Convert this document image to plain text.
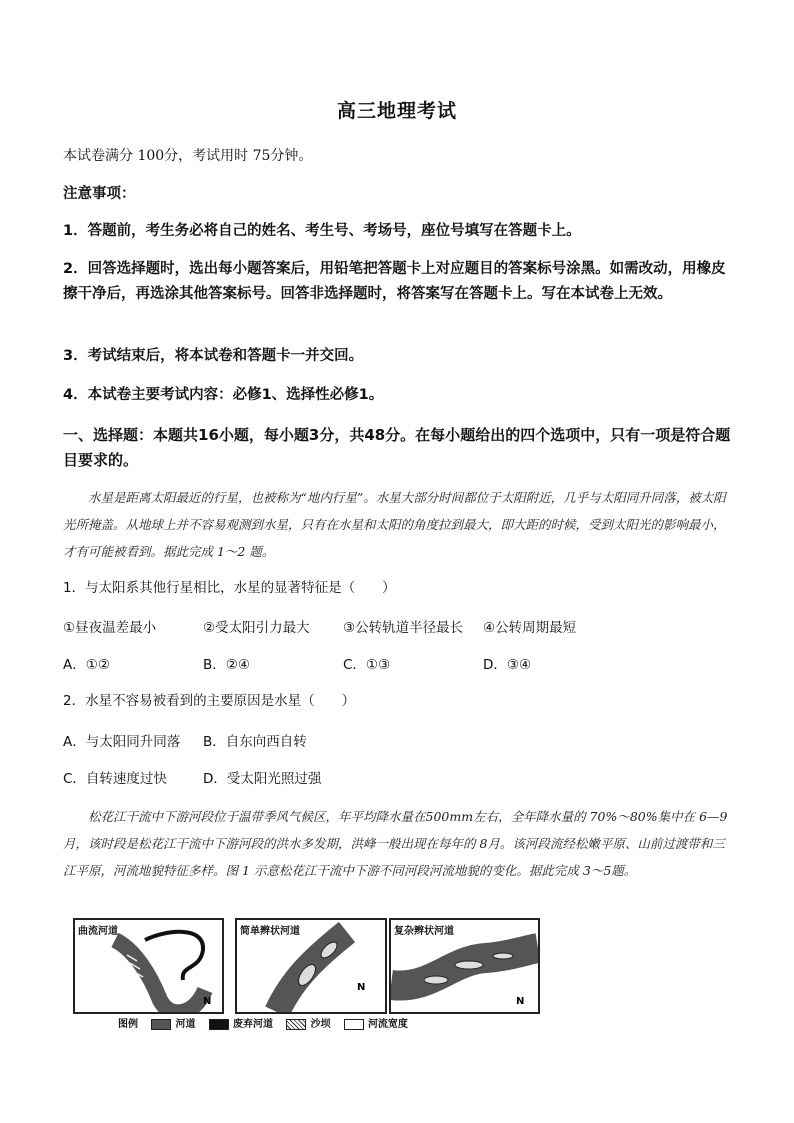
高三地理考试
本试卷满分 100分，考试用时 75分钟。
注意事项：
1．答题前，考生务必将自己的姓名、考生号、考场号，座位号填写在答题卡上。
2．回答选择题时，选出每小题答案后，用铅笔把答题卡上对应题目的答案标号涂黑。如需改动，用橡皮擦干净后，再选涂其他答案标号。回答非选择题时，将答案写在答题卡上。写在本试卷上无效。
3．考试结束后，将本试卷和答题卡一并交回。
4．本试卷主要考试内容：必修1、选择性必修1。
一、选择题：本题共16小题，每小题3分，共48分。在每小题给出的四个选项中，只有一项是符合题目要求的。
水星是距离太阳最近的行星，也被称为“地内行星”。水星大部分时间都位于太阳附近，几乎与太阳同升同落，被太阳光所掩盖。从地球上并不容易观测到水星，只有在水星和太阳的角度拉到最大，即大距的时候，受到太阳光的影响最小，才有可能被看到。据此完成 1～2 题。
1．与太阳系其他行星相比，水星的显著特征是（　　）
①昼夜温差最小	②受太阳引力最大 ③公转轨道半径最长 ④公转周期最短
A．①②	B．②④	C．①③	D．③④
2．水星不容易被看到的主要原因是水星（　　）
A．与太阳同升同落 B．自东向西自转
C．自转速度过快	D．受太阳光照过强
松花江干流中下游河段位于温带季风气候区，年平均降水量在500mm左右，全年降水量的 70%～80%集中在 6—9月，该时段是松花江干流中下游河段的洪水多发期，洪峰一般出现在每年的 8月。该河段流经松嫩平原、山前过渡带和三江平原，河流地貌特征多样。图 1 示意松花江干流中下游不同河段河流地貌的变化。据此完成 3～5题。
曲流河道
N
简单辫状河道
N
复杂辫状河道
N
图例	河道	废弃河道	沙坝	河流宽度
